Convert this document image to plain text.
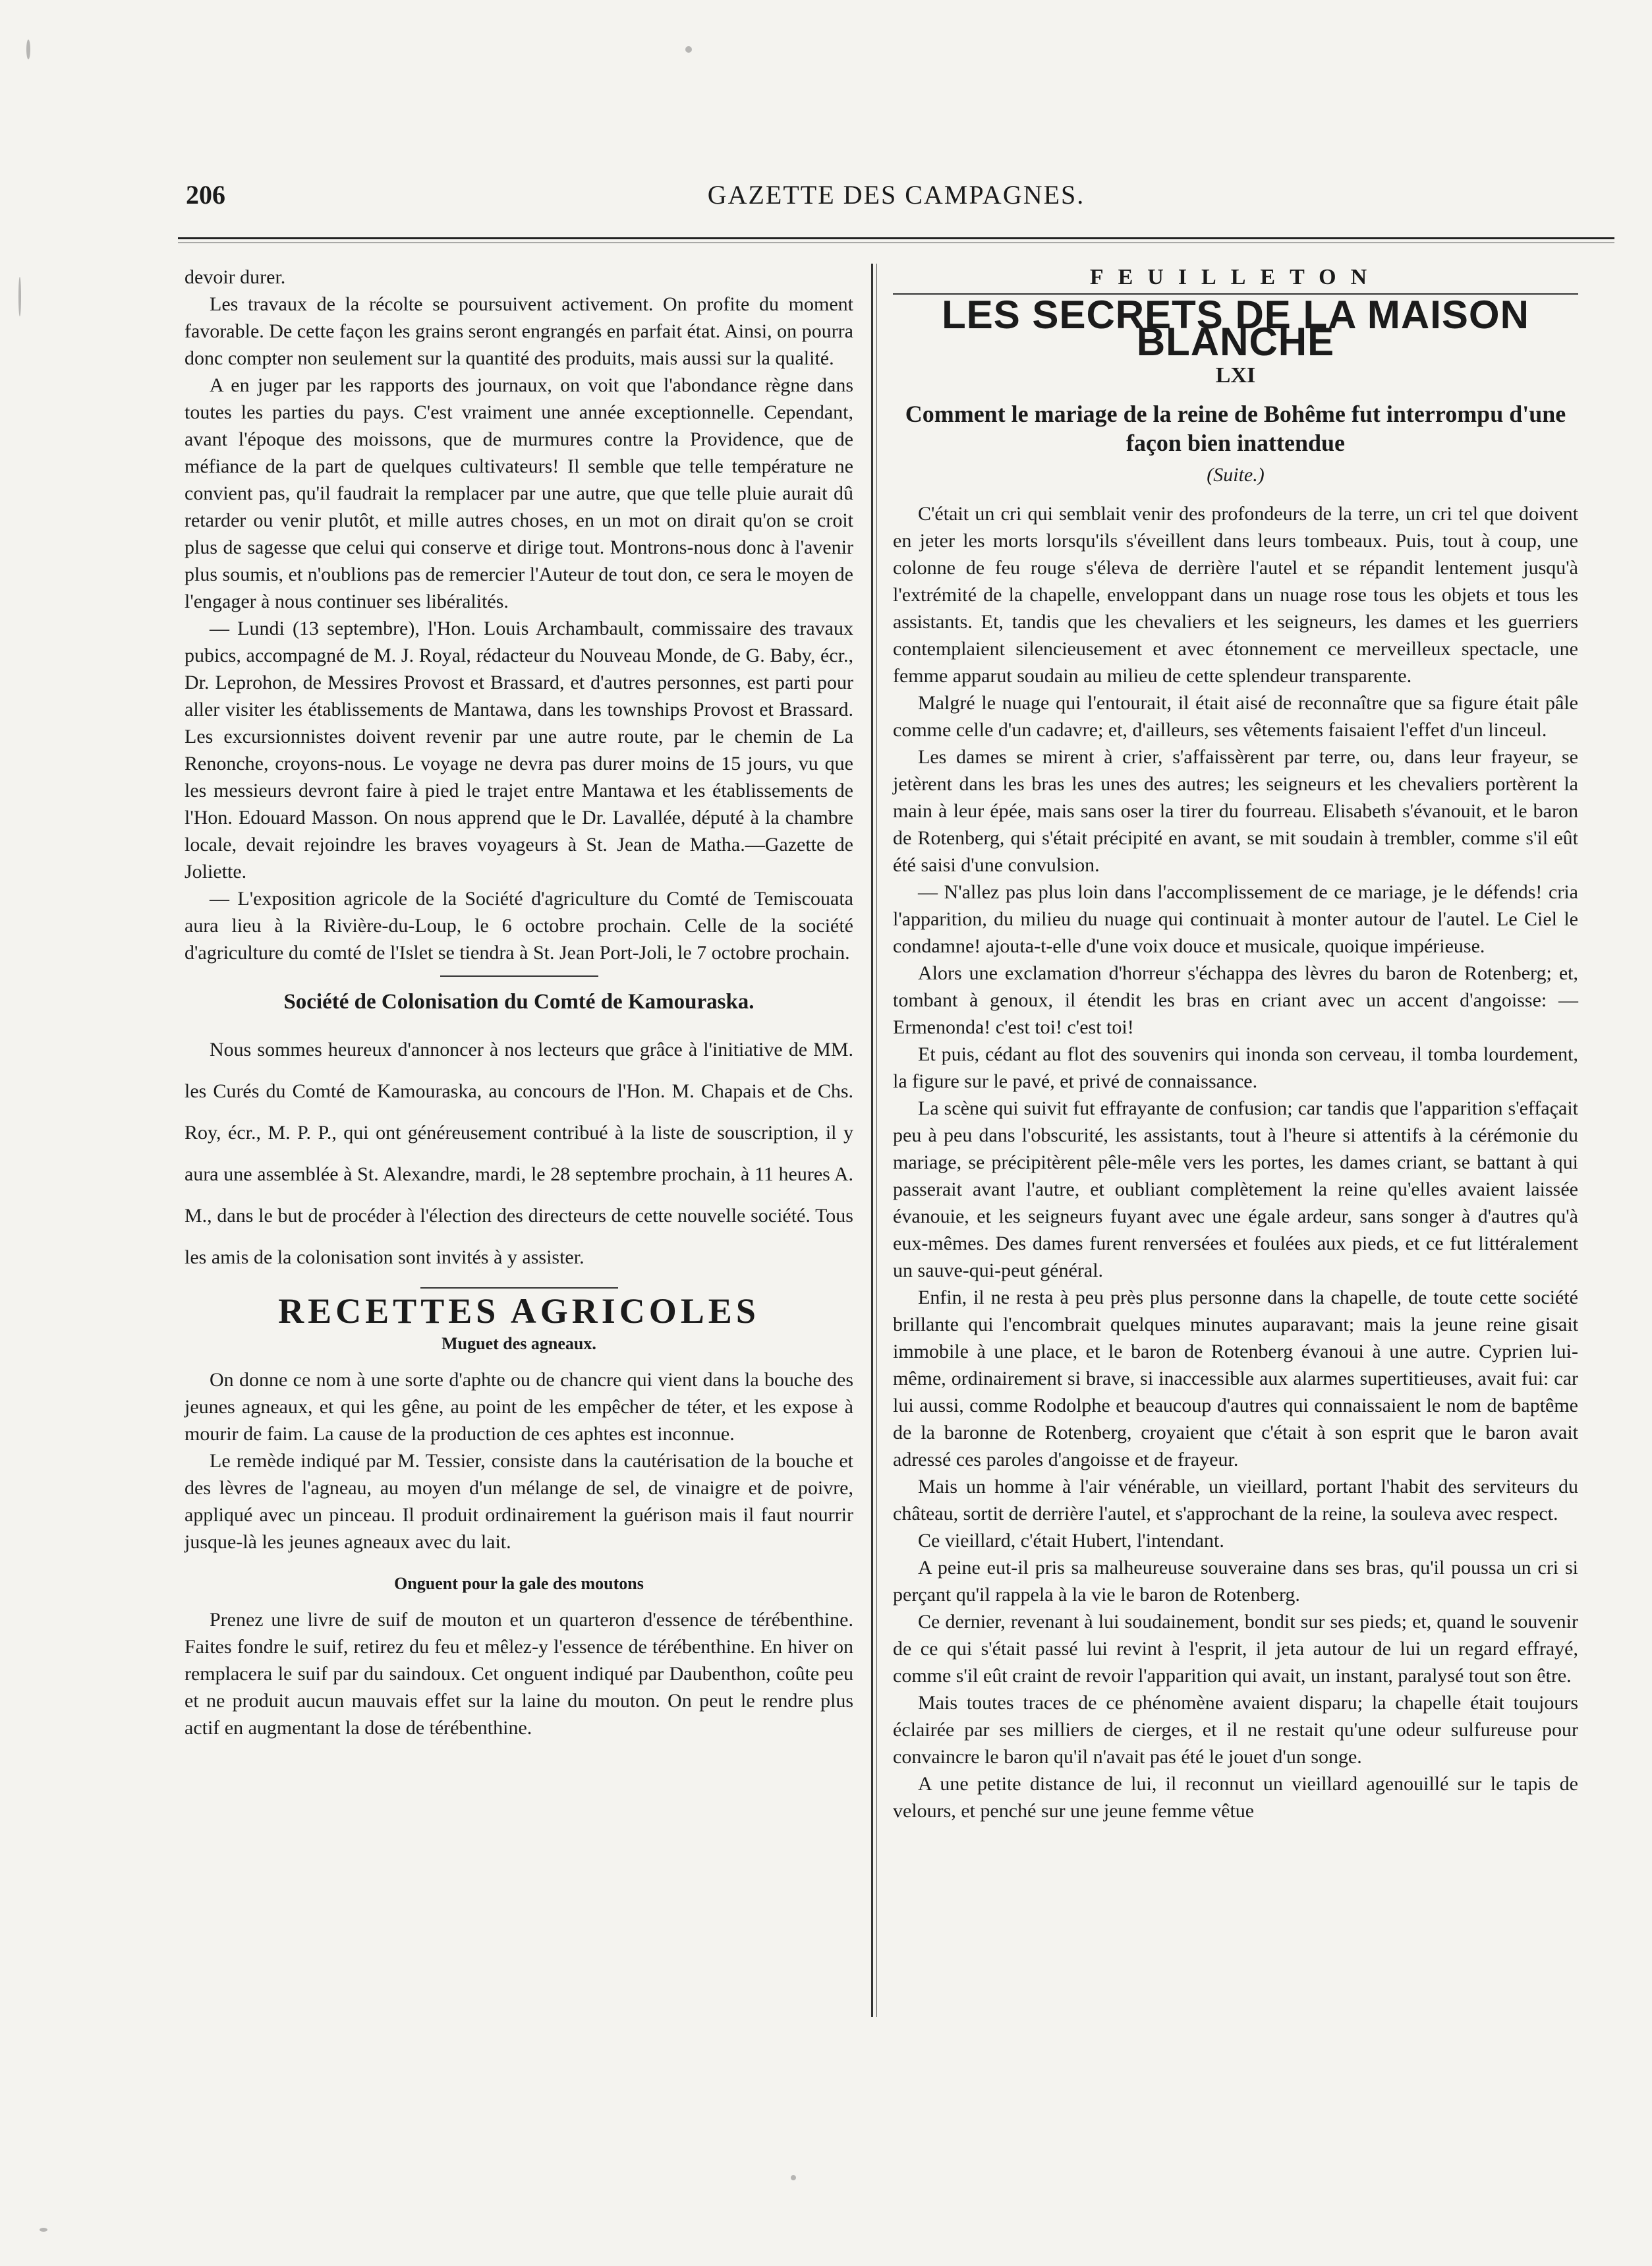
206	GAZETTE DES CAMPAGNES.

devoir durer.

Les travaux de la récolte se poursuivent activement. On profite du moment favorable. De cette façon les grains seront engrangés en parfait état. Ainsi, on pourra donc compter non seulement sur la quantité des produits, mais aussi sur la qualité.

A en juger par les rapports des journaux, on voit que l'abondance règne dans toutes les parties du pays. C'est vraiment une année exceptionnelle. Cependant, avant l'époque des moissons, que de murmures contre la Providence, que de méfiance de la part de quelques cultivateurs! Il semble que telle température ne convient pas, qu'il faudrait la remplacer par une autre, que que telle pluie aurait dû retarder ou venir plutôt, et mille autres choses, en un mot on dirait qu'on se croit plus de sagesse que celui qui conserve et dirige tout. Montrons-nous donc à l'avenir plus soumis, et n'oublions pas de remercier l'Auteur de tout don, ce sera le moyen de l'engager à nous continuer ses libéralités.

— Lundi (13 septembre), l'Hon. Louis Archambault, commissaire des travaux pubics, accompagné de M. J. Royal, rédacteur du Nouveau Monde, de G. Baby, écr., Dr. Leprohon, de Messires Provost et Brassard, et d'autres personnes, est parti pour aller visiter les établissements de Mantawa, dans les townships Provost et Brassard. Les excursionnistes doivent revenir par une autre route, par le chemin de La Renonche, croyons-nous. Le voyage ne devra pas durer moins de 15 jours, vu que les messieurs devront faire à pied le trajet entre Mantawa et les établissements de l'Hon. Edouard Masson. On nous apprend que le Dr. Lavallée, député à la chambre locale, devait rejoindre les braves voyageurs à St. Jean de Matha.—Gazette de Joliette.

— L'exposition agricole de la Société d'agriculture du Comté de Temiscouata aura lieu à la Rivière-du-Loup, le 6 octobre prochain. Celle de la société d'agriculture du comté de l'Islet se tiendra à St. Jean Port-Joli, le 7 octobre prochain.

Société de Colonisation du Comté de Kamouraska.

Nous sommes heureux d'annoncer à nos lecteurs que grâce à l'initiative de MM. les Curés du Comté de Kamouraska, au concours de l'Hon. M. Chapais et de Chs. Roy, écr., M. P. P., qui ont généreusement contribué à la liste de souscription, il y aura une assemblée à St. Alexandre, mardi, le 28 septembre prochain, à 11 heures A. M., dans le but de procéder à l'élection des directeurs de cette nouvelle société. Tous les amis de la colonisation sont invités à y assister.

RECETTES AGRICOLES
Muguet des agneaux.

On donne ce nom à une sorte d'aphte ou de chancre qui vient dans la bouche des jeunes agneaux, et qui les gêne, au point de les empêcher de téter, et les expose à mourir de faim. La cause de la production de ces aphtes est inconnue.

Le remède indiqué par M. Tessier, consiste dans la cautérisation de la bouche et des lèvres de l'agneau, au moyen d'un mélange de sel, de vinaigre et de poivre, appliqué avec un pinceau. Il produit ordinairement la guérison mais il faut nourrir jusque-là les jeunes agneaux avec du lait.

Onguent pour la gale des moutons

Prenez une livre de suif de mouton et un quarteron d'essence de térébenthine. Faites fondre le suif, retirez du feu et mêlez-y l'essence de térébenthine. En hiver on remplacera le suif par du saindoux. Cet onguent indiqué par Daubenthon, coûte peu et ne produit aucun mauvais effet sur la laine du mouton. On peut le rendre plus actif en augmentant la dose de térébenthine.

FEUILLETON
LES SECRETS DE LA MAISON BLANCHE
LXI
Comment le mariage de la reine de Bohême fut interrompu d'une façon bien inattendue
(Suite.)

C'était un cri qui semblait venir des profondeurs de la terre, un cri tel que doivent en jeter les morts lorsqu'ils s'éveillent dans leurs tombeaux. Puis, tout à coup, une colonne de feu rouge s'éleva de derrière l'autel et se répandit lentement jusqu'à l'extrémité de la chapelle, enveloppant dans un nuage rose tous les objets et tous les assistants. Et, tandis que les chevaliers et les seigneurs, les dames et les guerriers contemplaient silencieusement et avec étonnement ce merveilleux spectacle, une femme apparut soudain au milieu de cette splendeur transparente.

Malgré le nuage qui l'entourait, il était aisé de reconnaître que sa figure était pâle comme celle d'un cadavre; et, d'ailleurs, ses vêtements faisaient l'effet d'un linceul.

Les dames se mirent à crier, s'affaissèrent par terre, ou, dans leur frayeur, se jetèrent dans les bras les unes des autres; les seigneurs et les chevaliers portèrent la main à leur épée, mais sans oser la tirer du fourreau. Elisabeth s'évanouit, et le baron de Rotenberg, qui s'était précipité en avant, se mit soudain à trembler, comme s'il eût été saisi d'une convulsion.

— N'allez pas plus loin dans l'accomplissement de ce mariage, je le défends! cria l'apparition, du milieu du nuage qui continuait à monter autour de l'autel. Le Ciel le condamne! ajouta-t-elle d'une voix douce et musicale, quoique impérieuse.

Alors une exclamation d'horreur s'échappa des lèvres du baron de Rotenberg; et, tombant à genoux, il étendit les bras en criant avec un accent d'angoisse: — Ermenonda! c'est toi! c'est toi!

Et puis, cédant au flot des souvenirs qui inonda son cerveau, il tomba lourdement, la figure sur le pavé, et privé de connaissance.

La scène qui suivit fut effrayante de confusion; car tandis que l'apparition s'effaçait peu à peu dans l'obscurité, les assistants, tout à l'heure si attentifs à la cérémonie du mariage, se précipitèrent pêle-mêle vers les portes, les dames criant, se battant à qui passerait avant l'autre, et oubliant complètement la reine qu'elles avaient laissée évanouie, et les seigneurs fuyant avec une égale ardeur, sans songer à d'autres qu'à eux-mêmes. Des dames furent renversées et foulées aux pieds, et ce fut littéralement un sauve-qui-peut général.

Enfin, il ne resta à peu près plus personne dans la chapelle, de toute cette société brillante qui l'encombrait quelques minutes auparavant; mais la jeune reine gisait immobile à une place, et le baron de Rotenberg évanoui à une autre. Cyprien lui-même, ordinairement si brave, si inaccessible aux alarmes supertitieuses, avait fui: car lui aussi, comme Rodolphe et beaucoup d'autres qui connaissaient le nom de baptême de la baronne de Rotenberg, croyaient que c'était à son esprit que le baron avait adressé ces paroles d'angoisse et de frayeur.

Mais un homme à l'air vénérable, un vieillard, portant l'habit des serviteurs du château, sortit de derrière l'autel, et s'approchant de la reine, la souleva avec respect.

Ce vieillard, c'était Hubert, l'intendant.

A peine eut-il pris sa malheureuse souveraine dans ses bras, qu'il poussa un cri si perçant qu'il rappela à la vie le baron de Rotenberg.

Ce dernier, revenant à lui soudainement, bondit sur ses pieds; et, quand le souvenir de ce qui s'était passé lui revint à l'esprit, il jeta autour de lui un regard effrayé, comme s'il eût craint de revoir l'apparition qui avait, un instant, paralysé tout son être.

Mais toutes traces de ce phénomène avaient disparu; la chapelle était toujours éclairée par ses milliers de cierges, et il ne restait qu'une odeur sulfureuse pour convaincre le baron qu'il n'avait pas été le jouet d'un songe.

A une petite distance de lui, il reconnut un vieillard agenouillé sur le tapis de velours, et penché sur une jeune femme vêtue
